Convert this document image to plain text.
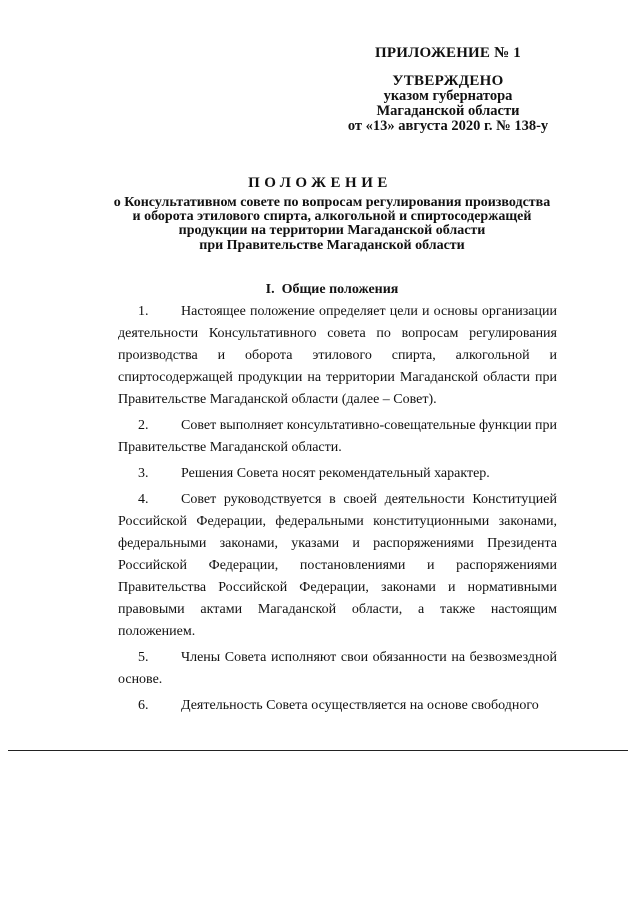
ПРИЛОЖЕНИЕ № 1
УТВЕРЖДЕНО
указом губернатора
Магаданской области
от «13» августа 2020 г. № 138-у
ПОЛОЖЕНИЕ
о Консультативном совете по вопросам регулирования производства
и оборота этилового спирта, алкогольной и спиртосодержащей
продукции на территории Магаданской области
при Правительстве Магаданской области
I. Общие положения

1. Настоящее положение определяет цели и основы организации деятельности Консультативного совета по вопросам регулирования производства и оборота этилового спирта, алкогольной и спиртосодержащей продукции на территории Магаданской области при Правительстве Магаданской области (далее – Совет).

2. Совет выполняет консультативно-совещательные функции при Правительстве Магаданской области.

3. Решения Совета носят рекомендательный характер.

4. Совет руководствуется в своей деятельности Конституцией Российской Федерации, федеральными конституционными законами, федеральными законами, указами и распоряжениями Президента Российской Федерации, постановлениями и распоряжениями Правительства Российской Федерации, законами и нормативными правовыми актами Магаданской области, а также настоящим положением.

5. Члены Совета исполняют свои обязанности на безвозмездной основе.

6. Деятельность Совета осуществляется на основе свободного
